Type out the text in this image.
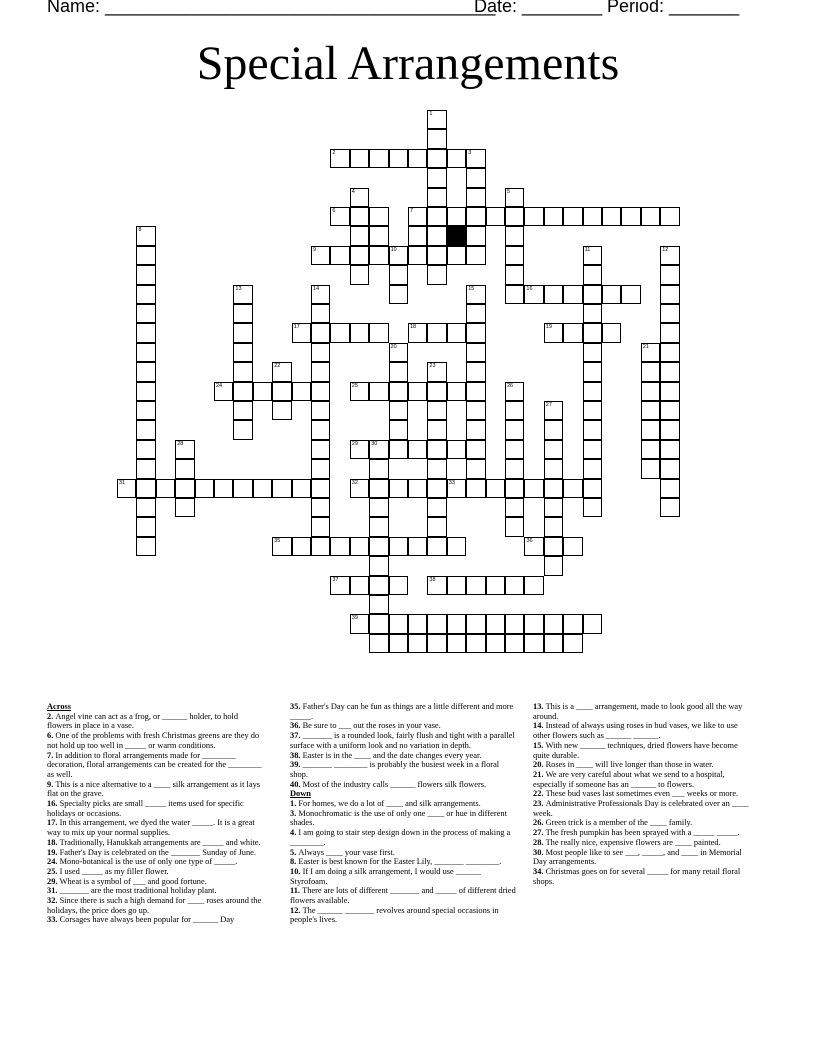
Name: _______________________________________
Date: ________ Period: _______
Special Arrangements
1
2	3
4	5
6	7
8
9	10	11	12
13	14	15	16
17	18	19
20	21
22	23
24	25	26
27
28	29 30
31	32	33
35	36
37	38
39
Across
2. Angel vine can act as a frog, or ______ holder, to hold flowers in place in a vase.
6. One of the problems with fresh Christmas greens are they do not hold up too well in _____ or warm conditions.
7. In addition to floral arrangements made for ________ decoration, floral arrangements can be created for the ________ as well.
9. This is a nice alternative to a ____ silk arrangement as it lays flat on the grave.
16. Specialty picks are small _____ items used for specific holidays or occasions.
17. In this arrangement, we dyed the water _____. It is a great way to mix up your normal supplies.
18. Traditionally, Hanukkah arrangements are _____ and white.
19. Father's Day is celebrated on the _______ Sunday of June.
24. Mono-botanical is the use of only one type of _____.
25. I used _____ as my filler flower.
29. Wheat is a symbol of ___ and good fortune.
31. _______ are the most traditional holiday plant.
32. Since there is such a high demand for ____ roses around the holidays, the price does go up.
33. Corsages have always been popular for ______ Day
35. Father's Day can be fun as things are a little different and more _____.
36. Be sure to ___ out the roses in your vase.
37. _______ is a rounded look, fairly flush and tight with a parallel surface with a uniform look and no variation in depth.
38. Easter is in the ____ and the date changes every year.
39. _______ ________ is probably the busiest week in a floral shop.
40. Most of the industry calls ______ flowers silk flowers.
Down
1. For homes, we do a lot of ____ and silk arrangements.
3. Monochromatic is the use of only one ____ or hue in different shades.
4. I am going to stair step design down in the process of making a ________.
5. Always ____ your vase first.
8. Easter is best known for the Easter Lily, _______ ________.
10. If I am doing a silk arrangement, I would use ______ Styrofoam.
11. There are lots of different _______ and _____ of different dried flowers available.
12. The ______ _______ revolves around special occasions in people's lives.
13. This is a ____ arrangement, made to look good all the way around.
14. Instead of always using roses in bud vases, we like to use other flowers such as ______ ______.
15. With new ______ techniques, dried flowers have become quite durable.
20. Roses in ____ will live longer than those in water.
21. We are very careful about what we send to a hospital, especially if someone has an ______ to flowers.
22. These bud vases last sometimes even ___ weeks or more.
23. Administrative Professionals Day is celebrated over an ____ week.
26. Green trick is a member of the ____ family.
27. The fresh pumpkin has been sprayed with a _____ _____.
28. The really nice, expensive flowers are ____ painted.
30. Most people like to see ___, _____, and ____ in Memorial Day arrangements.
34. Christmas goes on for several _____ for many retail floral shops.
